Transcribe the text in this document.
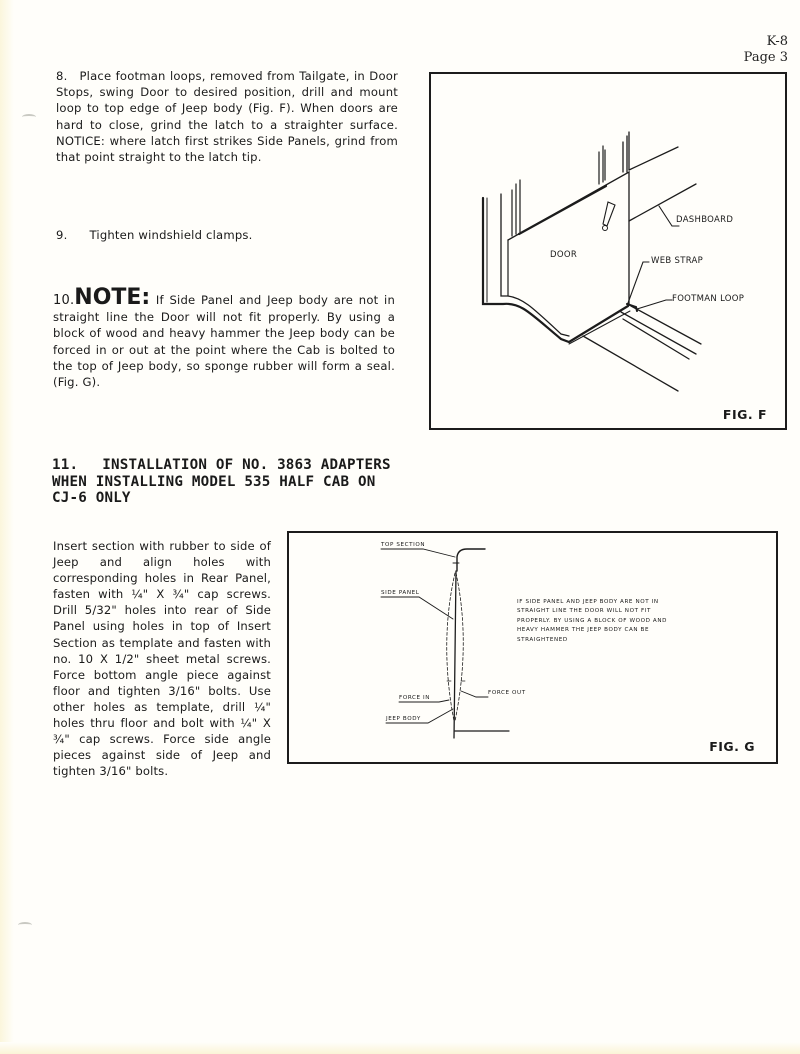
K-8
Page 3
8. Place footman loops, removed from Tailgate, in Door Stops, swing Door to desired position, drill and mount loop to top edge of Jeep body (Fig. F). When doors are hard to close, grind the latch to a straighter surface. NOTICE: where latch first strikes Side Panels, grind from that point straight to the latch tip.
9. Tighten windshield clamps.
10.NOTE: If Side Panel and Jeep body are not in straight line the Door will not fit properly. By using a block of wood and heavy hammer the Jeep body can be forced in or out at the point where the Cab is bolted to the top of Jeep body, so sponge rubber will form a seal. (Fig. G).
11. INSTALLATION OF NO. 3863 ADAPTERS WHEN INSTALLING MODEL 535 HALF CAB ON CJ-6 ONLY
Insert section with rubber to side of Jeep and align holes with corresponding holes in Rear Panel, fasten with ¼" X ¾" cap screws. Drill 5/32" holes into rear of Side Panel using holes in top of Insert Section as template and fasten with no. 10 X 1/2" sheet metal screws. Force bottom angle piece against floor and tighten 3/16" bolts. Use other holes as template, drill ¼" holes thru floor and bolt with ¼" X ¾" cap screws. Force side angle pieces against side of Jeep and tighten 3/16" bolts.
DOOR
DASHBOARD
WEB STRAP
FOOTMAN LOOP
FIG. F
TOP SECTION
SIDE PANEL
FORCE IN
FORCE OUT
JEEP BODY
IF SIDE PANEL AND JEEP BODY ARE NOT IN STRAIGHT LINE THE DOOR WILL NOT FIT PROPERLY. BY USING A BLOCK OF WOOD AND HEAVY HAMMER THE JEEP BODY CAN BE STRAIGHTENED
FIG. G
